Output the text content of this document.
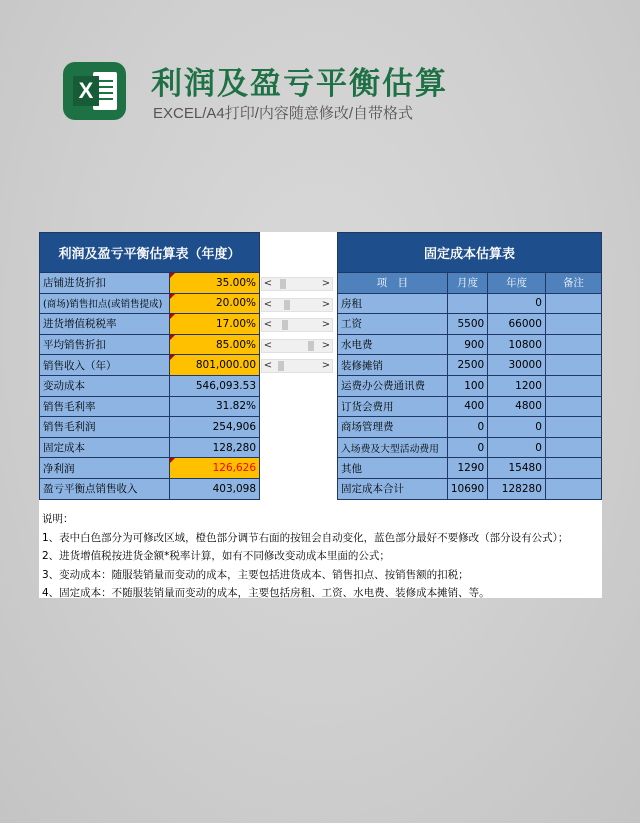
X 利润及盈亏平衡估算
EXCEL/A4打印/内容随意修改/自带格式
利润及盈亏平衡估算表（年度）	
店铺进货折扣	35.00%
(商场)销售扣点(或销售提成)	20.00%
进货增值税税率	17.00%
平均销售折扣	85.00%
销售收入（年）	801,000.00
变动成本	546,093.53
销售毛利率	31.82%
销售毛利润	254,906
固定成本	128,280
净利润	126,626
盈亏平衡点销售收入	403,098
<	>
<	>
<	>
<	>
<	>
固定成本估算表			
项　目	月度	年度	备注
房租		0	
工资	5500	66000	
水电费	900	10800	
装修摊销	2500	30000	
运费办公费通讯费	100	1200	
订货会费用	400	4800	
商场管理费	0	0	
入场费及大型活动费用	0	0	
其他	1290	15480	
固定成本合计	10690	128280	
说明：
1、表中白色部分为可修改区域，橙色部分调节右面的按钮会自动变化，蓝色部分最好不要修改（部分设有公式）；
2、进货增值税按进货金额*税率计算，如有不同修改变动成本里面的公式；
3、变动成本：随服装销量而变动的成本，主要包括进货成本、销售扣点、按销售额的扣税；
4、固定成本：不随服装销量而变动的成本，主要包括房租、工资、水电费、装修成本摊销、等。
